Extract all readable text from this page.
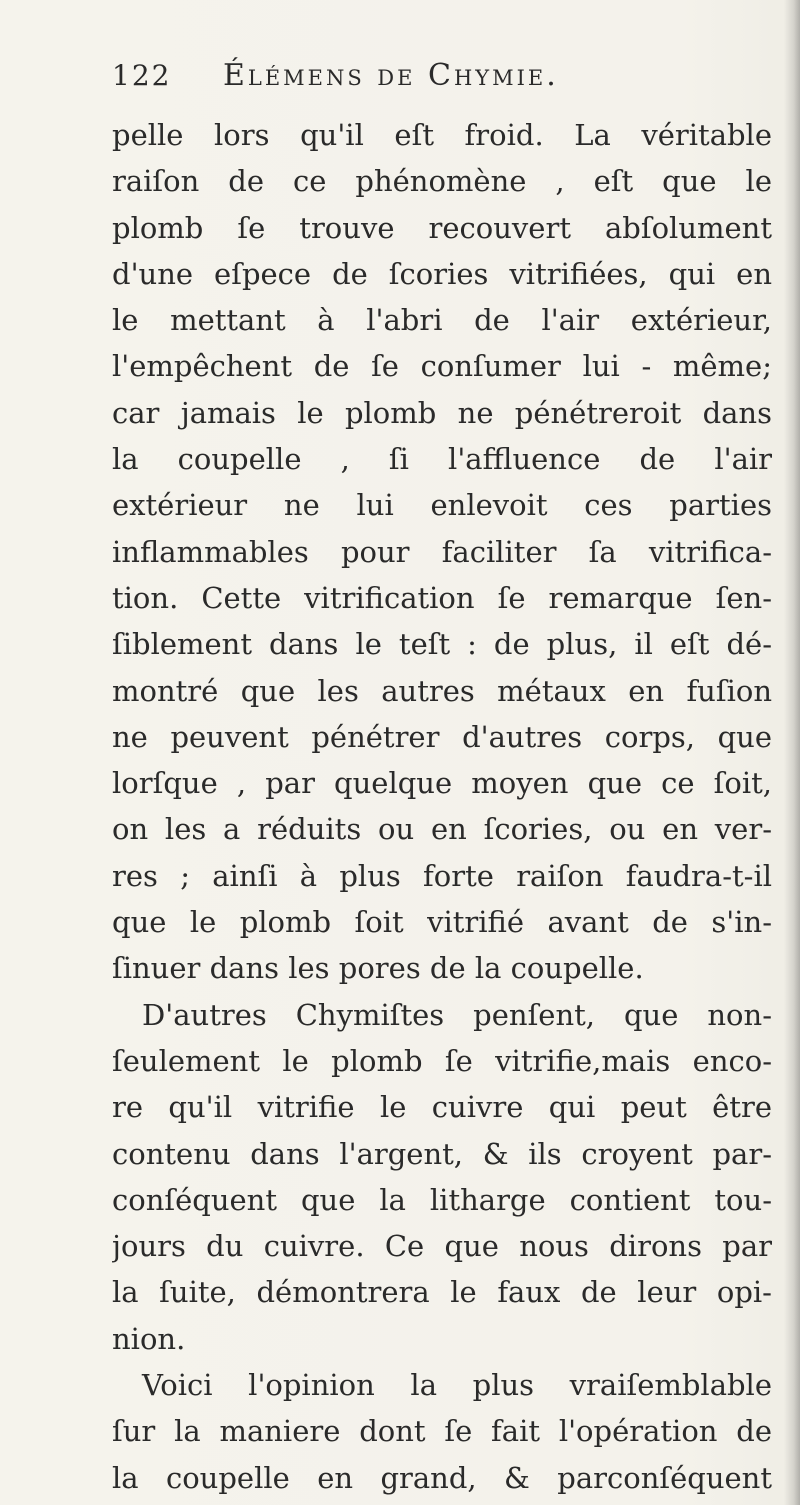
122 Élémens de Chymie.
pelle lors qu'il eſt froid. La véritable
raiſon de ce phénomène , eſt que le
plomb ſe trouve recouvert abſolument
d'une eſpece de ſcories vitrifiées, qui en
le mettant à l'abri de l'air extérieur,
l'empêchent de ſe conſumer lui - même;
car jamais le plomb ne pénétreroit dans
la coupelle , ſi l'affluence de l'air
extérieur ne lui enlevoit ces parties
inflammables pour faciliter ſa vitrifica-
tion. Cette vitrification ſe remarque ſen-
ſiblement dans le teſt : de plus, il eſt dé-
montré que les autres métaux en fuſion
ne peuvent pénétrer d'autres corps, que
lorſque , par quelque moyen que ce ſoit,
on les a réduits ou en ſcories, ou en ver-
res ; ainſi à plus forte raiſon faudra-t-il
que le plomb ſoit vitrifié avant de s'in-
ſinuer dans les pores de la coupelle.
D'autres Chymiſtes penſent, que non-
ſeulement le plomb ſe vitrifie,mais enco-
re qu'il vitrifie le cuivre qui peut être
contenu dans l'argent, & ils croyent par-
conſéquent que la litharge contient tou-
jours du cuivre. Ce que nous dirons par
la ſuite, démontrera le faux de leur opi-
nion.
Voici l'opinion la plus vraiſemblable
ſur la maniere dont ſe fait l'opération de
la coupelle en grand, & parconſéquent
